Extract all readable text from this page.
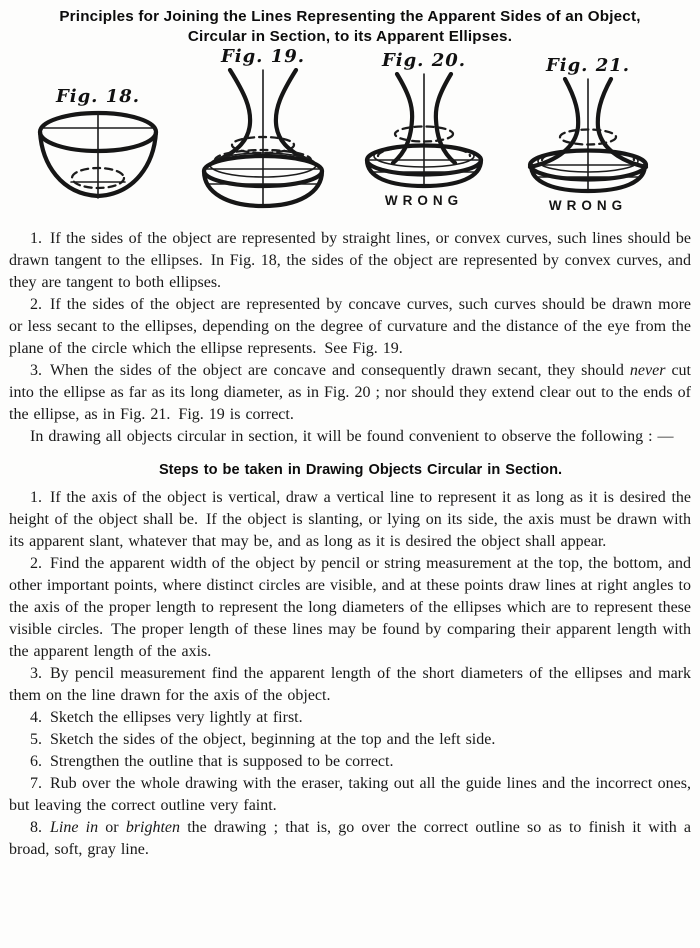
Principles for Joining the Lines Representing the Apparent Sides of an Object,
Circular in Section, to its Apparent Ellipses.
Fig. 18.
Fig. 19.	Fig. 20.
WRONG
Fig. 21.
WRONG

1. If the sides of the object are represented by straight lines, or convex curves, such lines should be drawn tangent to the ellipses. In Fig. 18, the sides of the object are represented by convex curves, and they are tangent to both ellipses.

2. If the sides of the object are represented by concave curves, such curves should be drawn more or less secant to the ellipses, depending on the degree of curvature and the distance of the eye from the plane of the circle which the ellipse represents. See Fig. 19.

3. When the sides of the object are concave and consequently drawn secant, they should never cut into the ellipse as far as its long diameter, as in Fig. 20 ; nor should they extend clear out to the ends of the ellipse, as in Fig. 21. Fig. 19 is correct.

In drawing all objects circular in section, it will be found convenient to observe the following : —

Steps to be taken in Drawing Objects Circular in Section.

1. If the axis of the object is vertical, draw a vertical line to represent it as long as it is desired the height of the object shall be. If the object is slanting, or lying on its side, the axis must be drawn with its apparent slant, whatever that may be, and as long as it is desired the object shall appear.

2. Find the apparent width of the object by pencil or string measurement at the top, the bottom, and other important points, where distinct circles are visible, and at these points draw lines at right angles to the axis of the proper length to represent the long diameters of the ellipses which are to represent these visible circles. The proper length of these lines may be found by comparing their apparent length with the apparent length of the axis.

3. By pencil measurement find the apparent length of the short diameters of the ellipses and mark them on the line drawn for the axis of the object.

4. Sketch the ellipses very lightly at first.

5. Sketch the sides of the object, beginning at the top and the left side.

6. Strengthen the outline that is supposed to be correct.

7. Rub over the whole drawing with the eraser, taking out all the guide lines and the incorrect ones, but leaving the correct outline very faint.

8. Line in or brighten the drawing ; that is, go over the correct outline so as to finish it with a broad, soft, gray line.
